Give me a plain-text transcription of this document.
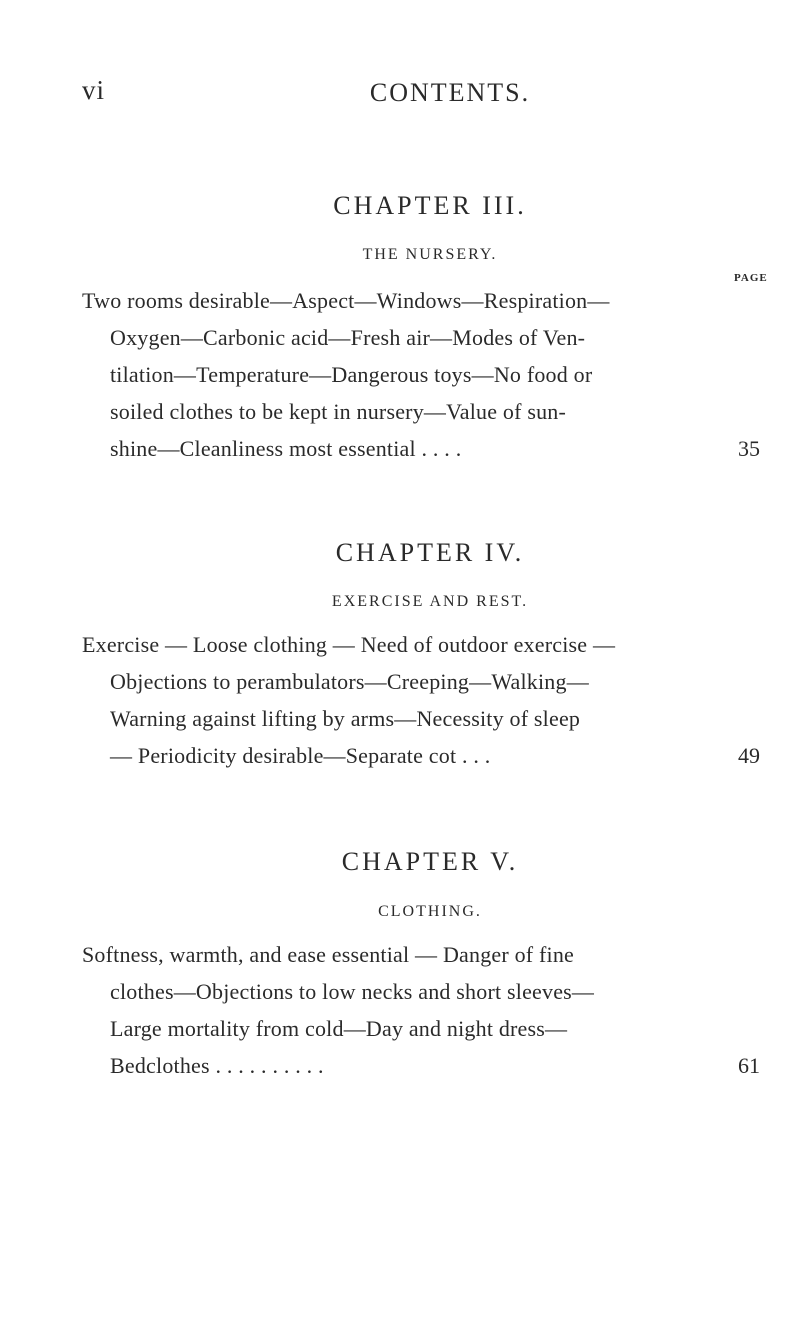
vi	CONTENTS.
CHAPTER III.
THE NURSERY.
PAGE
Two rooms desirable—Aspect—Windows—Respiration—
Oxygen—Carbonic acid—Fresh air—Modes of Ven-
tilation—Temperature—Dangerous toys—No food or
soiled clothes to be kept in nursery—Value of sun-
shine—Cleanliness most essential . . . .	35
CHAPTER IV.
EXERCISE AND REST.
Exercise — Loose clothing — Need of outdoor exercise —
Objections to perambulators—Creeping—Walking—
Warning against lifting by arms—Necessity of sleep
— Periodicity desirable—Separate cot . . .	49
CHAPTER V.
CLOTHING.
Softness, warmth, and ease essential — Danger of fine
clothes—Objections to low necks and short sleeves—
Large mortality from cold—Day and night dress—
Bedclothes . . . . . . . . . .	61
